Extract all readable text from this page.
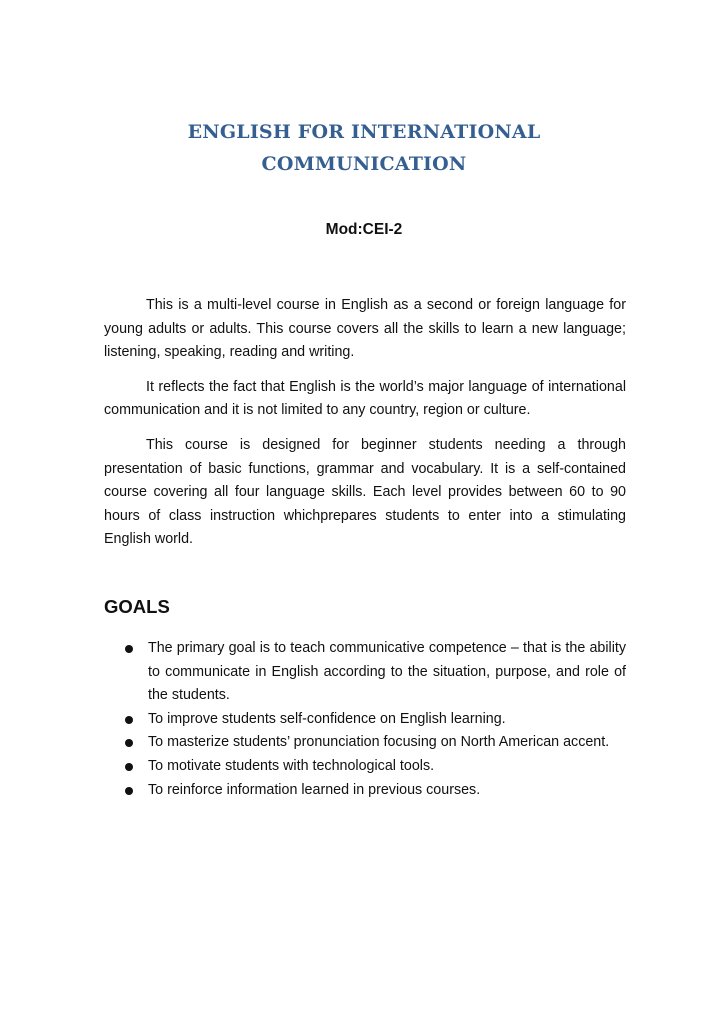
ENGLISH FOR INTERNATIONAL
COMMUNICATION
Mod:CEI-2

This is a multi-level course in English as a second or foreign language for young adults or adults. This course covers all the skills to learn a new language; listening, speaking, reading and writing.

It reflects the fact that English is the world’s major language of international communication and it is not limited to any country, region or culture.

This course is designed for beginner students needing a through presentation of basic functions, grammar and vocabulary. It is a self-contained course covering all four language skills. Each level provides between 60 to 90 hours of class instruction whichprepares students to enter into a stimulating English world.

GOALS
The primary goal is to teach communicative competence – that is the ability to communicate in English according to the situation, purpose, and role of the students.
To improve students self-confidence on English learning.
To masterize students’ pronunciation focusing on North American accent.
To motivate students with technological tools.
To reinforce information learned in previous courses.
